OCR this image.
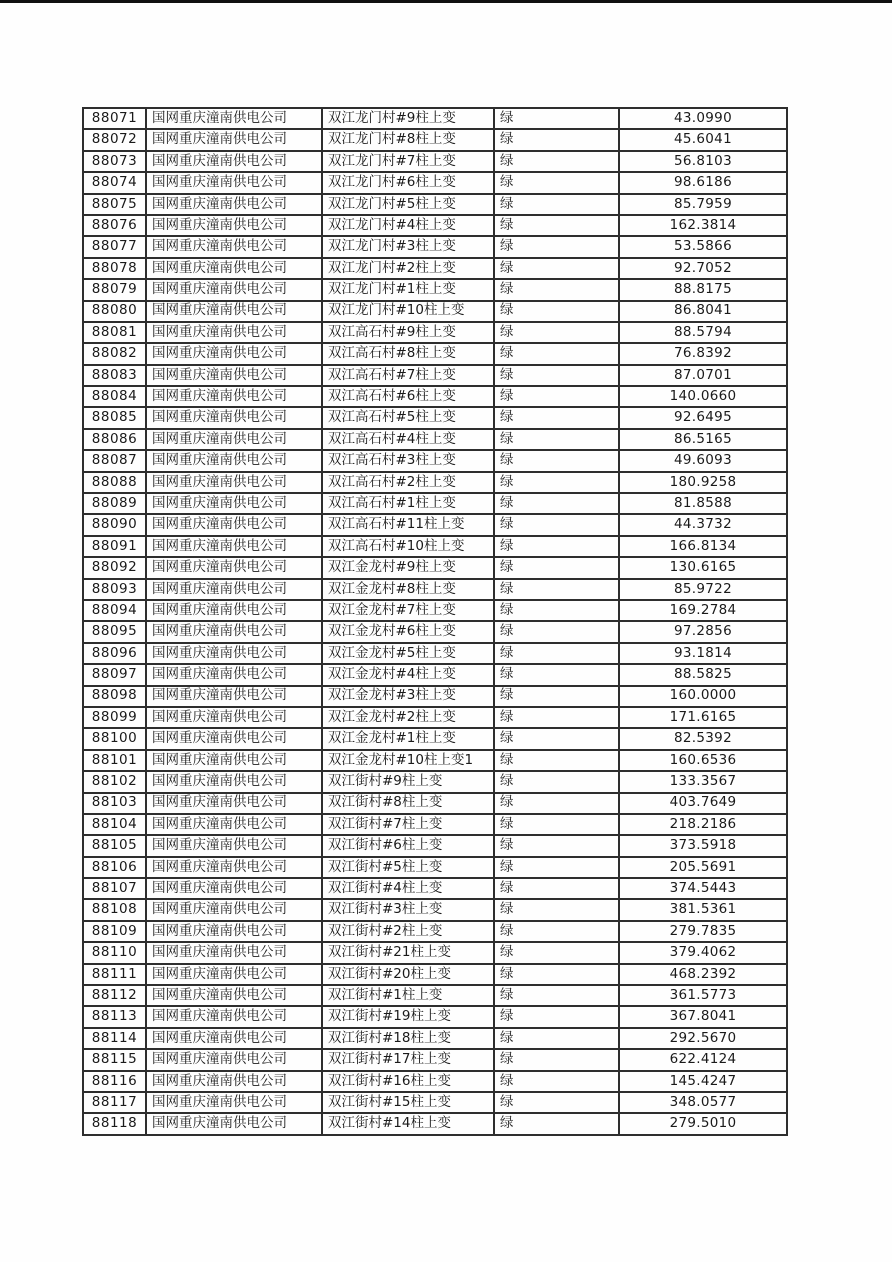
88071	国网重庆潼南供电公司	双江龙门村#9柱上变	绿	43.0990
88072	国网重庆潼南供电公司	双江龙门村#8柱上变	绿	45.6041
88073	国网重庆潼南供电公司	双江龙门村#7柱上变	绿	56.8103
88074	国网重庆潼南供电公司	双江龙门村#6柱上变	绿	98.6186
88075	国网重庆潼南供电公司	双江龙门村#5柱上变	绿	85.7959
88076	国网重庆潼南供电公司	双江龙门村#4柱上变	绿	162.3814
88077	国网重庆潼南供电公司	双江龙门村#3柱上变	绿	53.5866
88078	国网重庆潼南供电公司	双江龙门村#2柱上变	绿	92.7052
88079	国网重庆潼南供电公司	双江龙门村#1柱上变	绿	88.8175
88080	国网重庆潼南供电公司	双江龙门村#10柱上变	绿	86.8041
88081	国网重庆潼南供电公司	双江高石村#9柱上变	绿	88.5794
88082	国网重庆潼南供电公司	双江高石村#8柱上变	绿	76.8392
88083	国网重庆潼南供电公司	双江高石村#7柱上变	绿	87.0701
88084	国网重庆潼南供电公司	双江高石村#6柱上变	绿	140.0660
88085	国网重庆潼南供电公司	双江高石村#5柱上变	绿	92.6495
88086	国网重庆潼南供电公司	双江高石村#4柱上变	绿	86.5165
88087	国网重庆潼南供电公司	双江高石村#3柱上变	绿	49.6093
88088	国网重庆潼南供电公司	双江高石村#2柱上变	绿	180.9258
88089	国网重庆潼南供电公司	双江高石村#1柱上变	绿	81.8588
88090	国网重庆潼南供电公司	双江高石村#11柱上变	绿	44.3732
88091	国网重庆潼南供电公司	双江高石村#10柱上变	绿	166.8134
88092	国网重庆潼南供电公司	双江金龙村#9柱上变	绿	130.6165
88093	国网重庆潼南供电公司	双江金龙村#8柱上变	绿	85.9722
88094	国网重庆潼南供电公司	双江金龙村#7柱上变	绿	169.2784
88095	国网重庆潼南供电公司	双江金龙村#6柱上变	绿	97.2856
88096	国网重庆潼南供电公司	双江金龙村#5柱上变	绿	93.1814
88097	国网重庆潼南供电公司	双江金龙村#4柱上变	绿	88.5825
88098	国网重庆潼南供电公司	双江金龙村#3柱上变	绿	160.0000
88099	国网重庆潼南供电公司	双江金龙村#2柱上变	绿	171.6165
88100	国网重庆潼南供电公司	双江金龙村#1柱上变	绿	82.5392
88101	国网重庆潼南供电公司	双江金龙村#10柱上变1	绿	160.6536
88102	国网重庆潼南供电公司	双江街村#9柱上变	绿	133.3567
88103	国网重庆潼南供电公司	双江街村#8柱上变	绿	403.7649
88104	国网重庆潼南供电公司	双江街村#7柱上变	绿	218.2186
88105	国网重庆潼南供电公司	双江街村#6柱上变	绿	373.5918
88106	国网重庆潼南供电公司	双江街村#5柱上变	绿	205.5691
88107	国网重庆潼南供电公司	双江街村#4柱上变	绿	374.5443
88108	国网重庆潼南供电公司	双江街村#3柱上变	绿	381.5361
88109	国网重庆潼南供电公司	双江街村#2柱上变	绿	279.7835
88110	国网重庆潼南供电公司	双江街村#21柱上变	绿	379.4062
88111	国网重庆潼南供电公司	双江街村#20柱上变	绿	468.2392
88112	国网重庆潼南供电公司	双江街村#1柱上变	绿	361.5773
88113	国网重庆潼南供电公司	双江街村#19柱上变	绿	367.8041
88114	国网重庆潼南供电公司	双江街村#18柱上变	绿	292.5670
88115	国网重庆潼南供电公司	双江街村#17柱上变	绿	622.4124
88116	国网重庆潼南供电公司	双江街村#16柱上变	绿	145.4247
88117	国网重庆潼南供电公司	双江街村#15柱上变	绿	348.0577
88118	国网重庆潼南供电公司	双江街村#14柱上变	绿	279.5010
